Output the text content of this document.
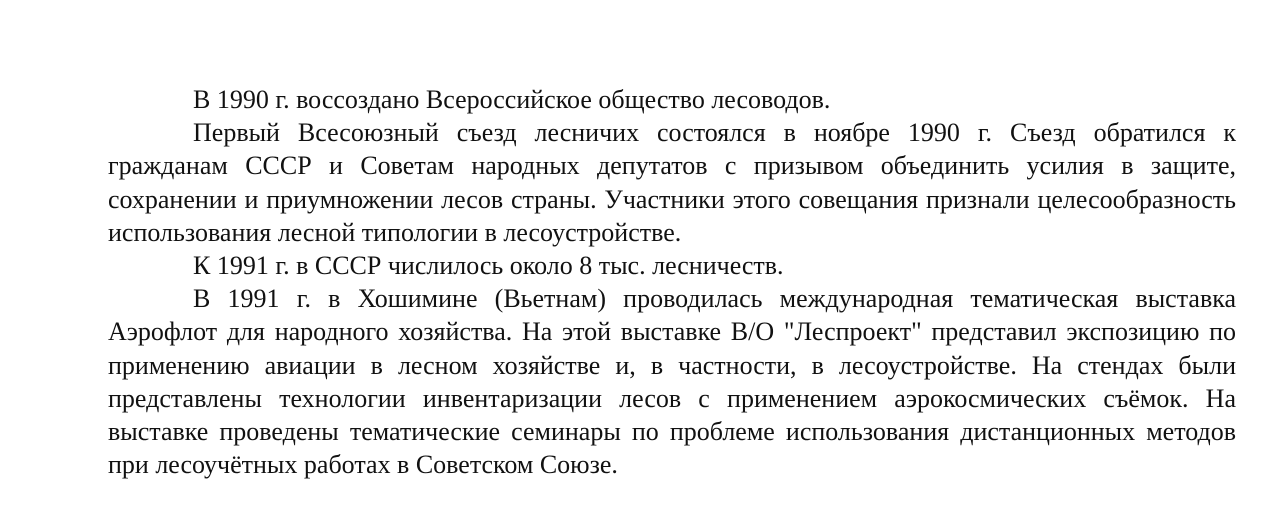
В 1990 г. воссоздано Всероссийское общество лесоводов.

Первый Всесоюзный съезд лесничих состоялся в ноябре 1990 г. Съезд обратился к гражданам СССР и Советам народных депутатов с призывом объединить усилия в защите, сохранении и приумножении лесов страны. Участники этого совещания признали целесообразность использования лесной типологии в лесоустройстве.

К 1991 г. в СССР числилось около 8 тыс. лесничеств.

В 1991 г. в Хошимине (Вьетнам) проводилась международная тематическая выставка Аэрофлот для народного хозяйства. На этой выставке В/О "Леспроект" представил экспозицию по применению авиации в лесном хозяйстве и, в частности, в лесоустройстве. На стендах были представлены технологии инвентаризации лесов с применением аэрокосмических съёмок. На выставке проведены тематические семинары по проблеме использования дистанционных методов при лесоучётных работах в Советском Союзе.
